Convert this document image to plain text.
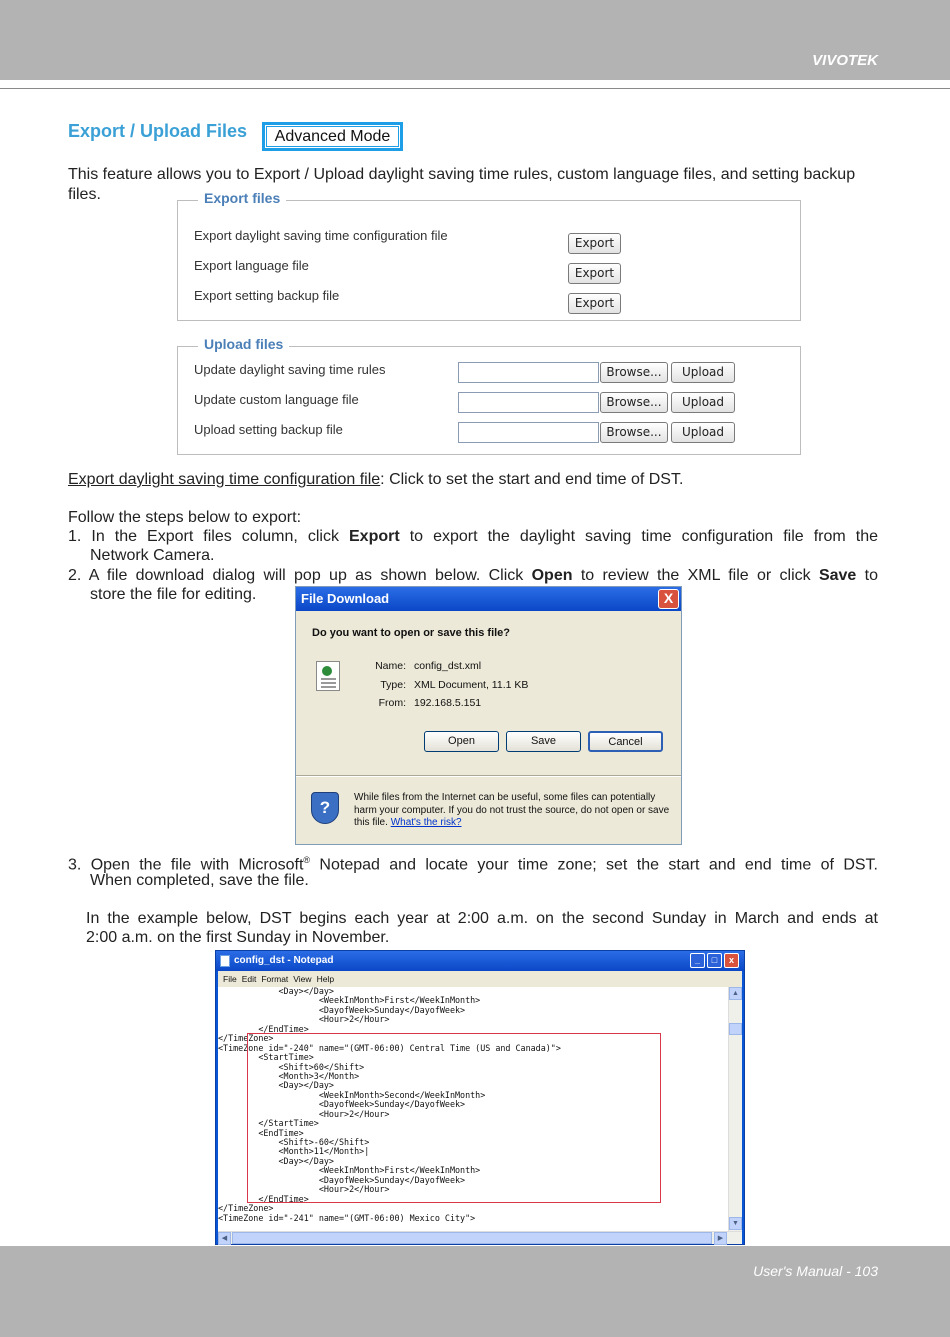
VIVOTEK
Export / Upload Files	Advanced Mode
This feature allows you to Export / Upload daylight saving time rules, custom language files, and setting backup files.	Export files
Export daylight saving time configuration file	Export
Export language file	Export
Export setting backup file	Export
Upload files
Update daylight saving time rules	Browse...	Upload
Update custom language file	Browse...	Upload
Upload setting backup file	Browse...	Upload
Export daylight saving time configuration file: Click to set the start and end time of DST.
Follow the steps below to export:
1. In the Export files column, click Export to export the daylight saving time configuration file from the
Network Camera.
2. A file download dialog will pop up as shown below. Click Open to review the XML file or click Save to
store the file for editing.	File Download	X
Do you want to open or save this file?
Name: config_dst.xml
Type: XML Document, 11.1 KB
From: 192.168.5.151
Open	Save	Cancel
?
While files from the Internet can be useful, some files can potentially harm your computer. If you do not trust the source, do not open or save this file. What's the risk?
3. Open the file with Microsoft® Notepad and locate your time zone; set the start and end time of DST.
When completed, save the file.
In the example below, DST begins each year at 2:00 a.m. on the second Sunday in March and ends at
2:00 a.m. on the first Sunday in November.
config_dst - Notepad	_	□	x
File Edit Format View Help
<Day></Day>
<WeekInMonth>First</WeekInMonth>
<DayofWeek>Sunday</DayofWeek>
<Hour>2</Hour>
</EndTime>
</TimeZone>
<TimeZone id="-240" name="(GMT-06:00) Central Time (US and Canada)">
<StartTime>
<Shift>60</Shift>
<Month>3</Month>
<Day></Day>
<WeekInMonth>Second</WeekInMonth>
<DayofWeek>Sunday</DayofWeek>
<Hour>2</Hour>
</StartTime>
<EndTime>
<Shift>-60</Shift>
<Month>11</Month>|
<Day></Day>
<WeekInMonth>First</WeekInMonth>
<DayofWeek>Sunday</DayofWeek>
<Hour>2</Hour>
</EndTime>
</TimeZone>
<TimeZone id="-241" name="(GMT-06:00) Mexico City">
▲
▼
◀	▶
User's Manual - 103
